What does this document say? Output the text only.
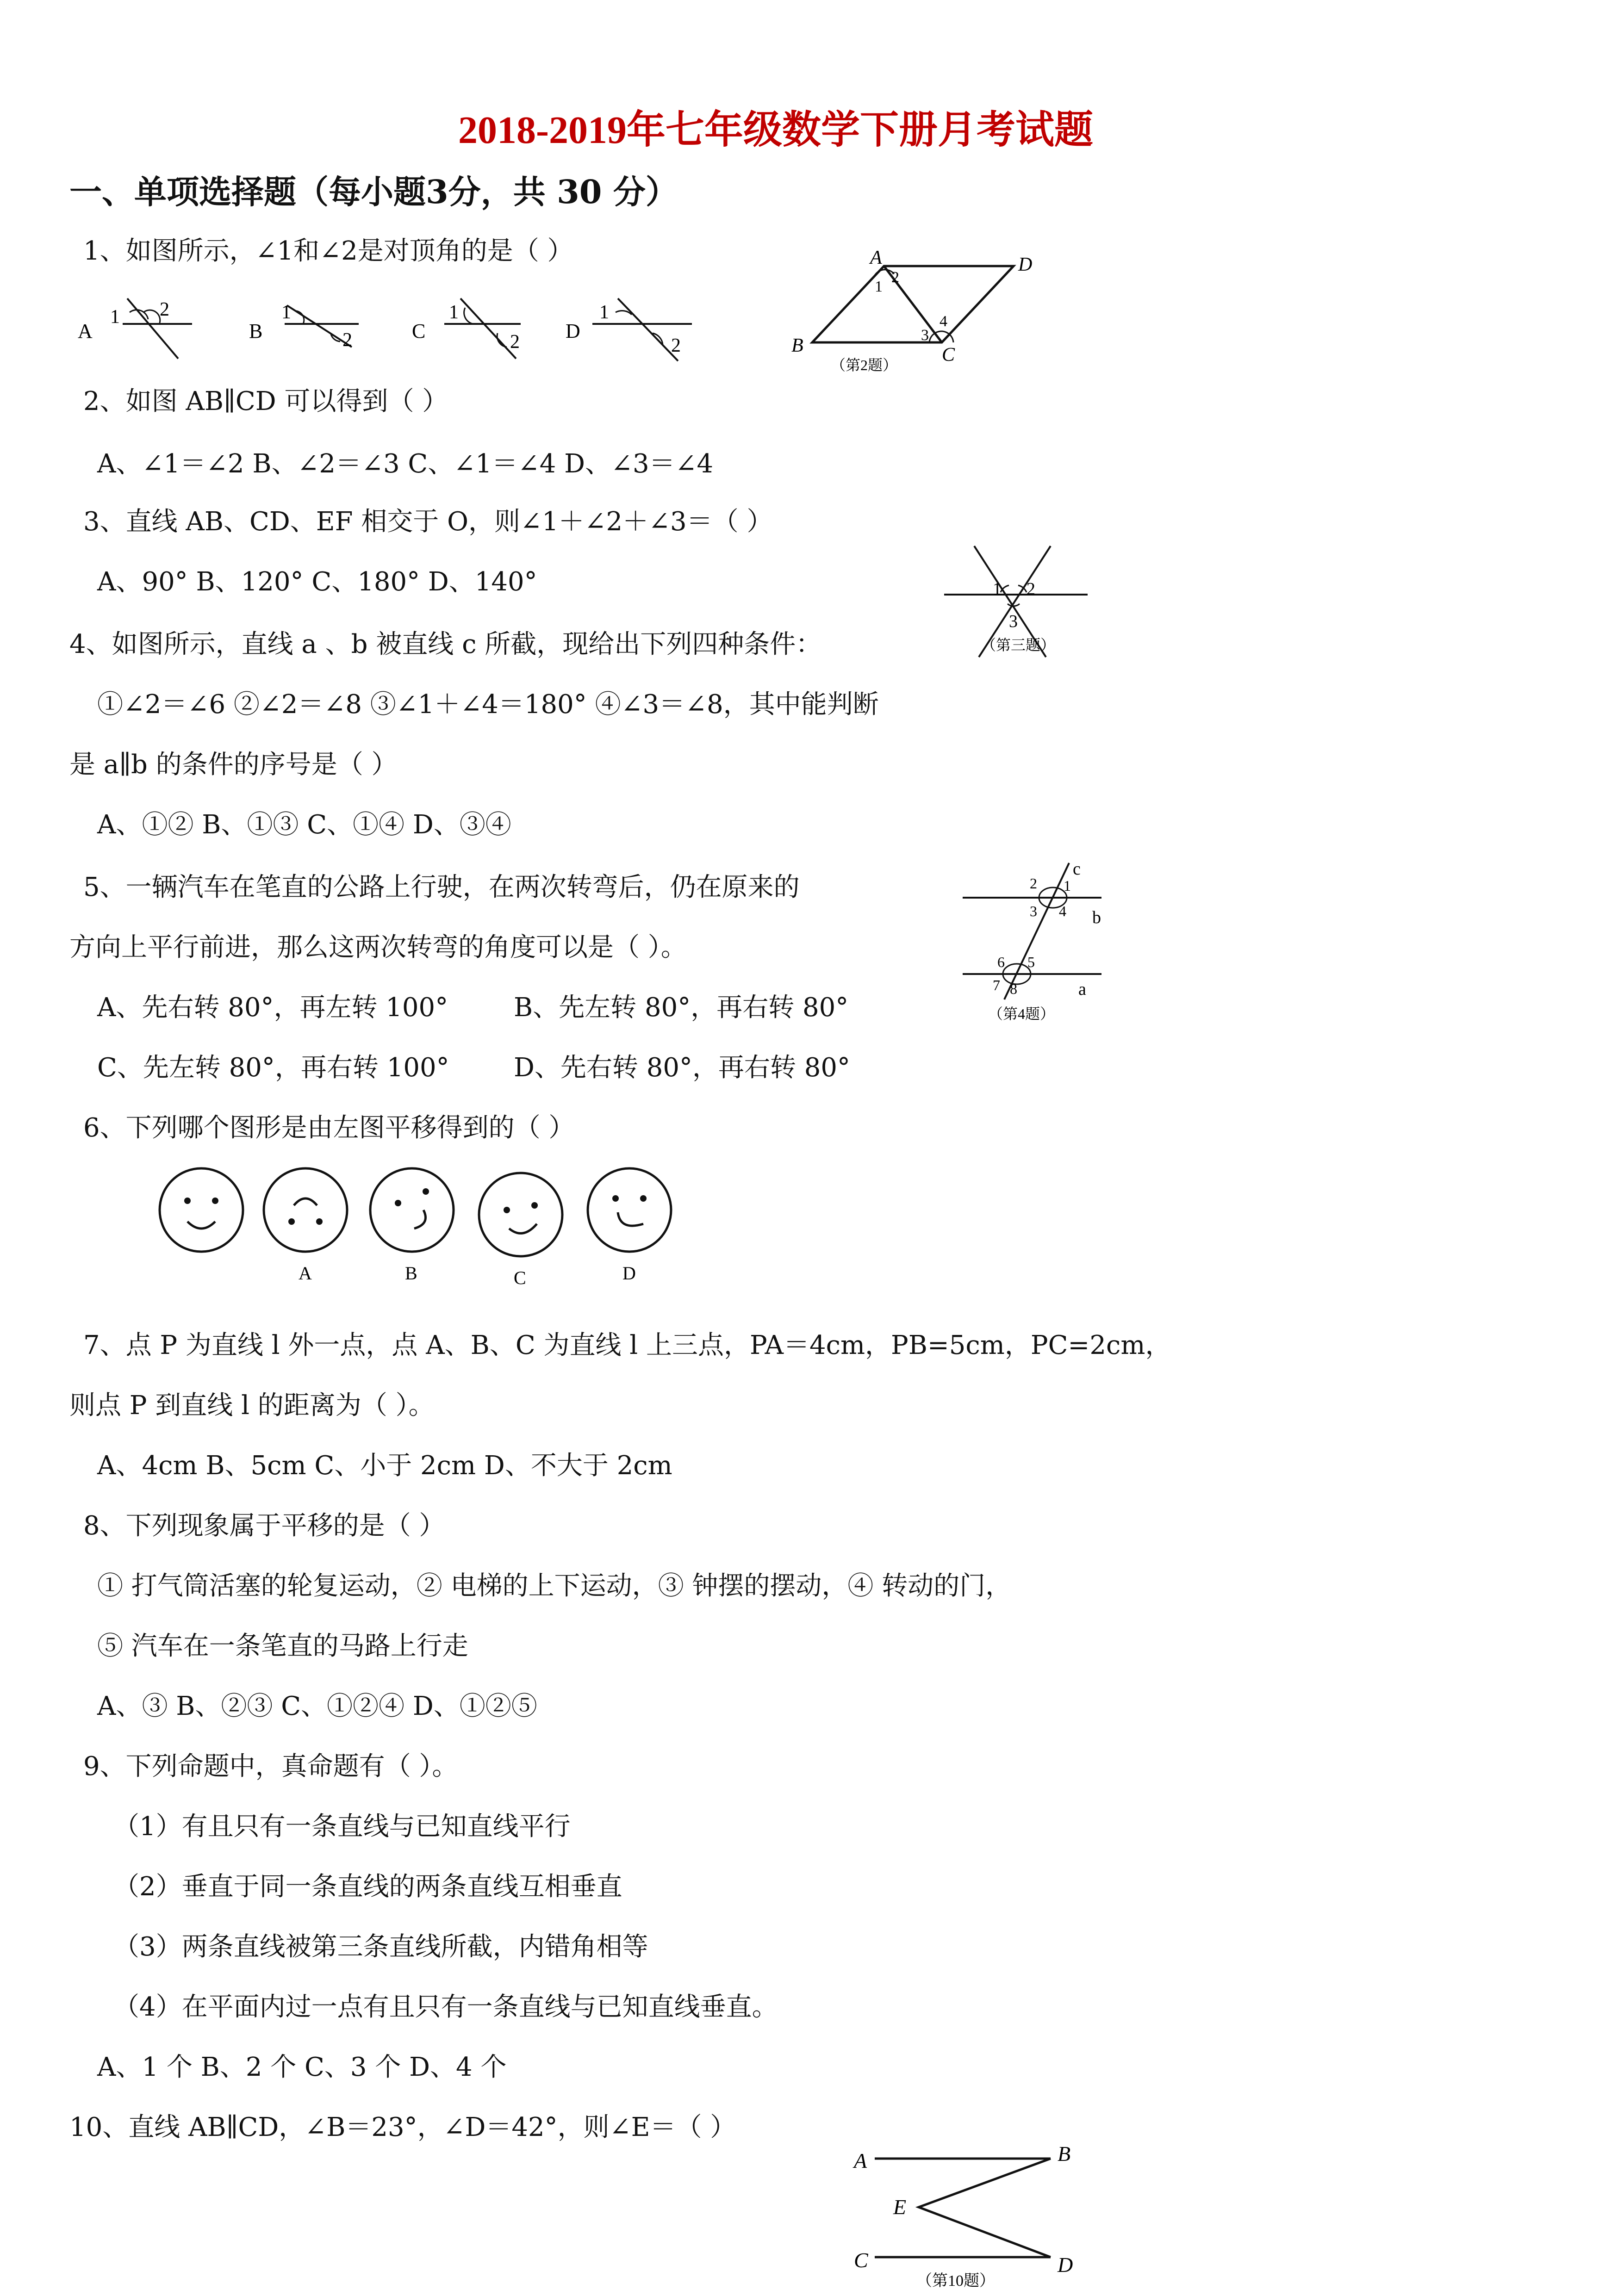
2018-2019年七年级数学下册月考试题
一、单项选择题（每小题3分，共 30 分）
1、如图所示，∠1和∠2是对顶角的是（ ）
A
1 2
B
1
2	C
1
2 D
1
2
A	D
B	C
1
2
3
4
（第2题）
2、如图 AB∥CD 可以得到（ ）
A、∠1＝∠2 B、∠2＝∠3 C、∠1＝∠4 D、∠3＝∠4
3、直线 AB、CD、EF 相交于 O，则∠1＋∠2＋∠3＝（ ）
A、90° B、120° C、180° D、140°	1 2
3
（第三题）
4、如图所示，直线 a 、b 被直线 c 所截，现给出下列四种条件：
①∠2＝∠6 ②∠2＝∠8 ③∠1＋∠4＝180° ④∠3＝∠8，其中能判断
是 a∥b 的条件的序号是（ ）
A、①② B、①③ C、①④ D、③④
c
b
a
2 1
3 4
6 5
7 8
（第4题）
5、一辆汽车在笔直的公路上行驶，在两次转弯后，仍在原来的
方向上平行前进，那么这两次转弯的角度可以是（ ）。
A、先右转 80°，再左转 100°	B、先左转 80°，再右转 80°
C、先左转 80°，再右转 100° D、先右转 80°，再右转 80°
6、下列哪个图形是由左图平移得到的（ ）
A	B	C	D
7、点 P 为直线 l 外一点，点 A、B、C 为直线 l 上三点，PA＝4cm，PB=5cm，PC=2cm，
则点 P 到直线 l 的距离为（ ）。
A、4cm B、5cm C、小于 2cm D、不大于 2cm
8、下列现象属于平移的是（ ）
① 打气筒活塞的轮复运动，② 电梯的上下运动，③ 钟摆的摆动，④ 转动的门，
⑤ 汽车在一条笔直的马路上行走
A、③ B、②③ C、①②④ D、①②⑤
9、下列命题中，真命题有（ ）。
（1）有且只有一条直线与已知直线平行
（2）垂直于同一条直线的两条直线互相垂直
（3）两条直线被第三条直线所截，内错角相等
（4）在平面内过一点有且只有一条直线与已知直线垂直。
A、1 个 B、2 个 C、3 个 D、4 个
10、直线 AB∥CD，∠B＝23°，∠D＝42°，则∠E＝（ ）
A	B
E
C	D
（第10题）
